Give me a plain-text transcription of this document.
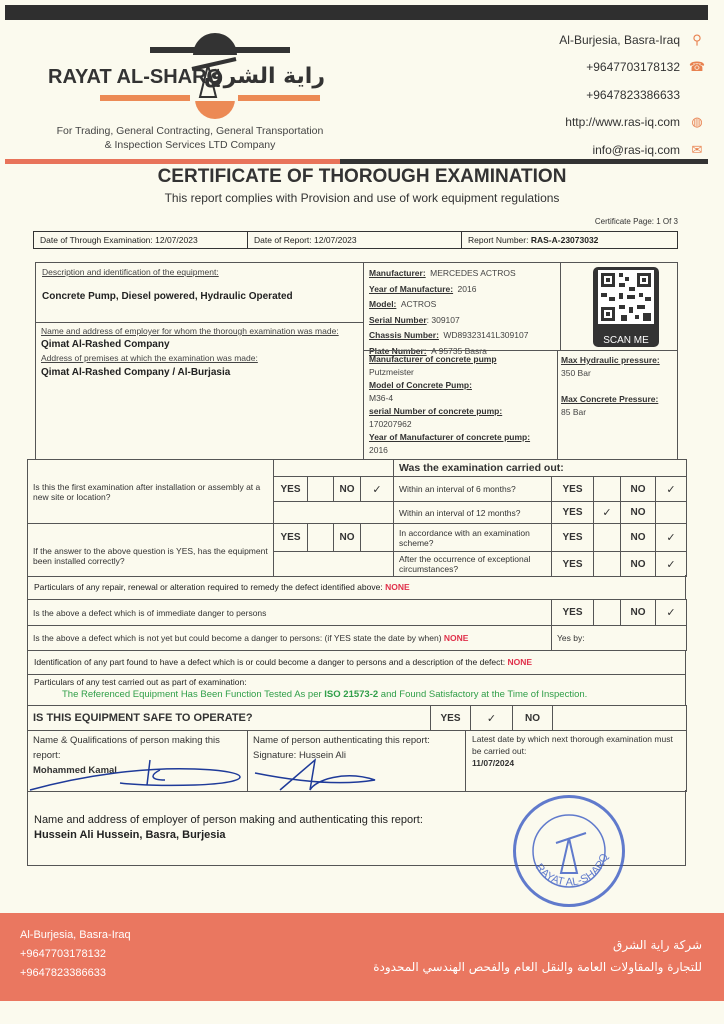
RAYAT AL-SHARQ
راية الشرق
For Trading, General Contracting, General Transportation
& Inspection Services LTD Company
Al-Burjesia, Basra-Iraq ⚲
+9647703178132 ☎
+9647823386633
http://www.ras-iq.com ◍
info@ras-iq.com ✉
CERTIFICATE OF THOROUGH EXAMINATION
This report complies with Provision and use of work equipment regulations
Certificate Page: 1 Of 3
Date of Through Examination: 12/07/2023	Date of Report: 12/07/2023	Report Number: RAS-A-23073032
Description and identification of the equipment:
Concrete Pump, Diesel powered, Hydraulic Operated
Name and address of employer for whom the thorough examination was made:
Qimat Al-Rashed Company
Address of premises at which the examination was made:
Qimat Al-Rashed Company / Al-Burjasia
Manufacturer: MERCEDES ACTROS
Year of Manufacture: 2016
Model: ACTROS
Serial Number: 309107
Chassis Number: WD89323141L309107
Plate Number: A 95735 Basra
SCAN ME
Manufacturer of concrete pump
Putzmeister
Model of Concrete Pump:
M36-4
serial Number of concrete pump:
170207962
Year of Manufacturer of concrete pump:
2016
Max Hydraulic pressure:
350 Bar
Max Concrete Pressure:
85 Bar
Is this the first examination after installation or assembly at a new site or location?					Was the examination carried out:				
	YES		NO	✓	Within an interval of 6 months?	YES		NO	✓
					Within an interval of 12 months?	YES	✓	NO	
If the answer to the above question is YES, has the equipment been installed correctly?	YES		NO		In accordance with an examination scheme?	YES		NO	✓
					After the occurrence of exceptional circumstances?	YES		NO	✓
Particulars of any repair, renewal or alteration required to remedy the defect identified above:
NONE
Is the above a defect which is of immediate danger to persons	YES		NO	✓
Is the above a defect which is not yet but could become a danger to persons: (if YES state the date by when) NONE	Yes by:
Identification of any part found to have a defect which is or could become a danger to persons and a description of the defect:
NONE
Particulars of any test carried out as part of examination:
The Referenced Equipment Has Been Function Tested As per ISO 21573-2 and Found Satisfactory at the Time of Inspection.
IS THIS EQUIPMENT SAFE TO OPERATE?	YES	✓	NO	
Name & Qualifications of person making this report:
Mohammed Kamal	
Name of person authenticating this report:
Signature: Hussein Ali

Latest date by which next thorough examination must be carried out:
11/07/2024
Name and address of employer of person making and authenticating this report:
Hussein Ali Hussein, Basra, Burjesia
RAYAT AL-SHARQ
Al-Burjesia, Basra-Iraq
+9647703178132
+9647823386633
شركة راية الشرق
للتجارة والمقاولات العامة والنقل العام والفحص الهندسي المحدودة
